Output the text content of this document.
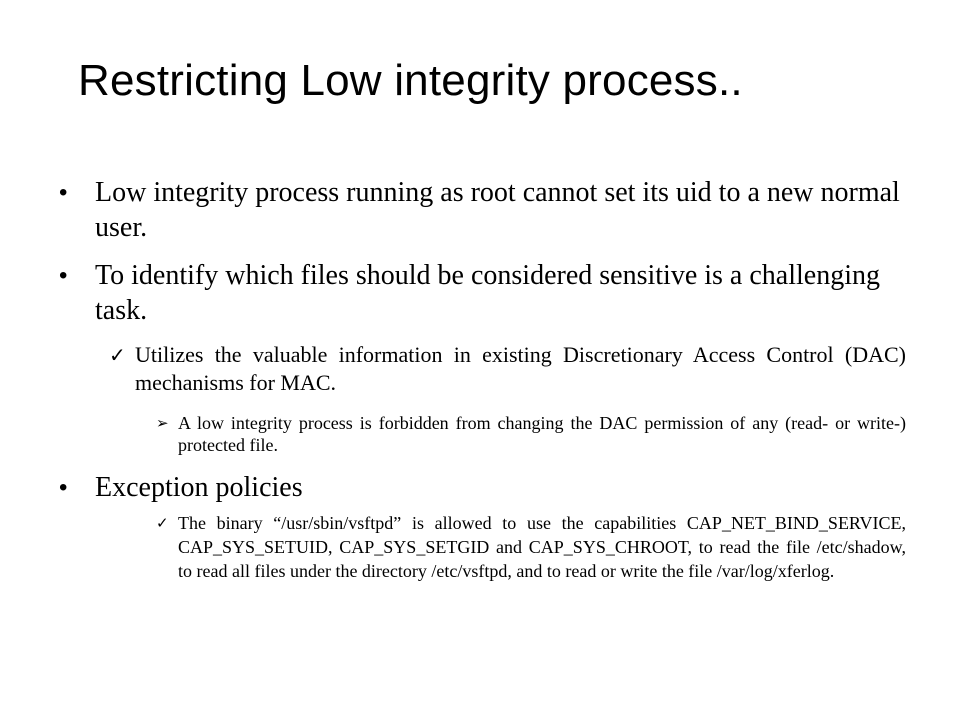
Restricting Low integrity process..
• Low integrity process running as root cannot set its uid to a new normal user.
• To identify which files should be considered sensitive is a challenging task.
✓ Utilizes the valuable information in existing Discretionary Access Control (DAC) mechanisms for MAC.
➢ A low integrity process is forbidden from changing the DAC permission of any (read- or write-) protected file.
• Exception policies
✓ The binary “/usr/sbin/vsftpd” is allowed to use the capabilities CAP_NET_BIND_SERVICE, CAP_SYS_SETUID, CAP_SYS_SETGID and CAP_SYS_CHROOT, to read the file /etc/shadow, to read all files under the directory /etc/vsftpd, and to read or write the file /var/log/xferlog.
